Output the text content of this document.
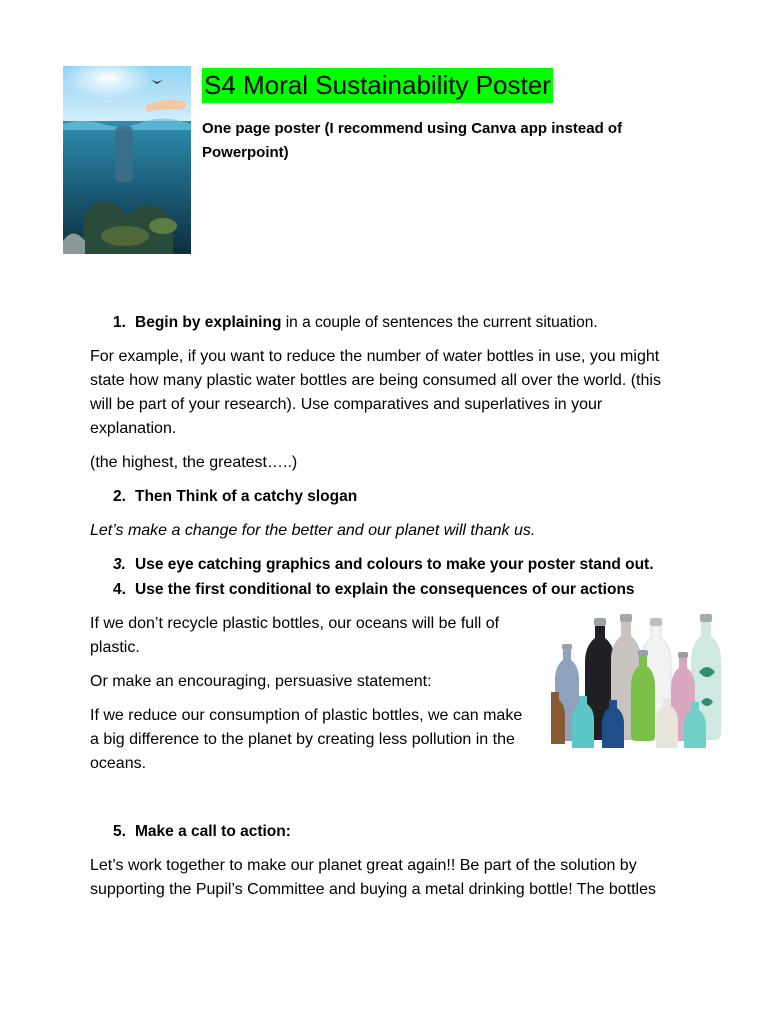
S4 Moral Sustainability Poster
One page poster (I recommend using Canva app instead of Powerpoint)
1. Begin by explaining in a couple of sentences the current situation.
For example, if you want to reduce the number of water bottles in use, you might state how many plastic water bottles are being consumed all over the world. (this will be part of your research). Use comparatives and superlatives in your explanation.
(the highest, the greatest…..)
2. Then Think of a catchy slogan
Let’s make a change for the better and our planet will thank us.
3. Use eye catching graphics and colours to make your poster stand out.
4. Use the first conditional to explain the consequences of our actions
If we don’t recycle plastic bottles, our oceans will be full of plastic.
Or make an encouraging, persuasive statement:
If we reduce our consumption of plastic bottles, we can make a big difference to the planet by creating less pollution in the oceans.
5. Make a call to action:
Let’s work together to make our planet great again!! Be part of the solution by supporting the Pupil’s Committee and buying a metal drinking bottle! The bottles
